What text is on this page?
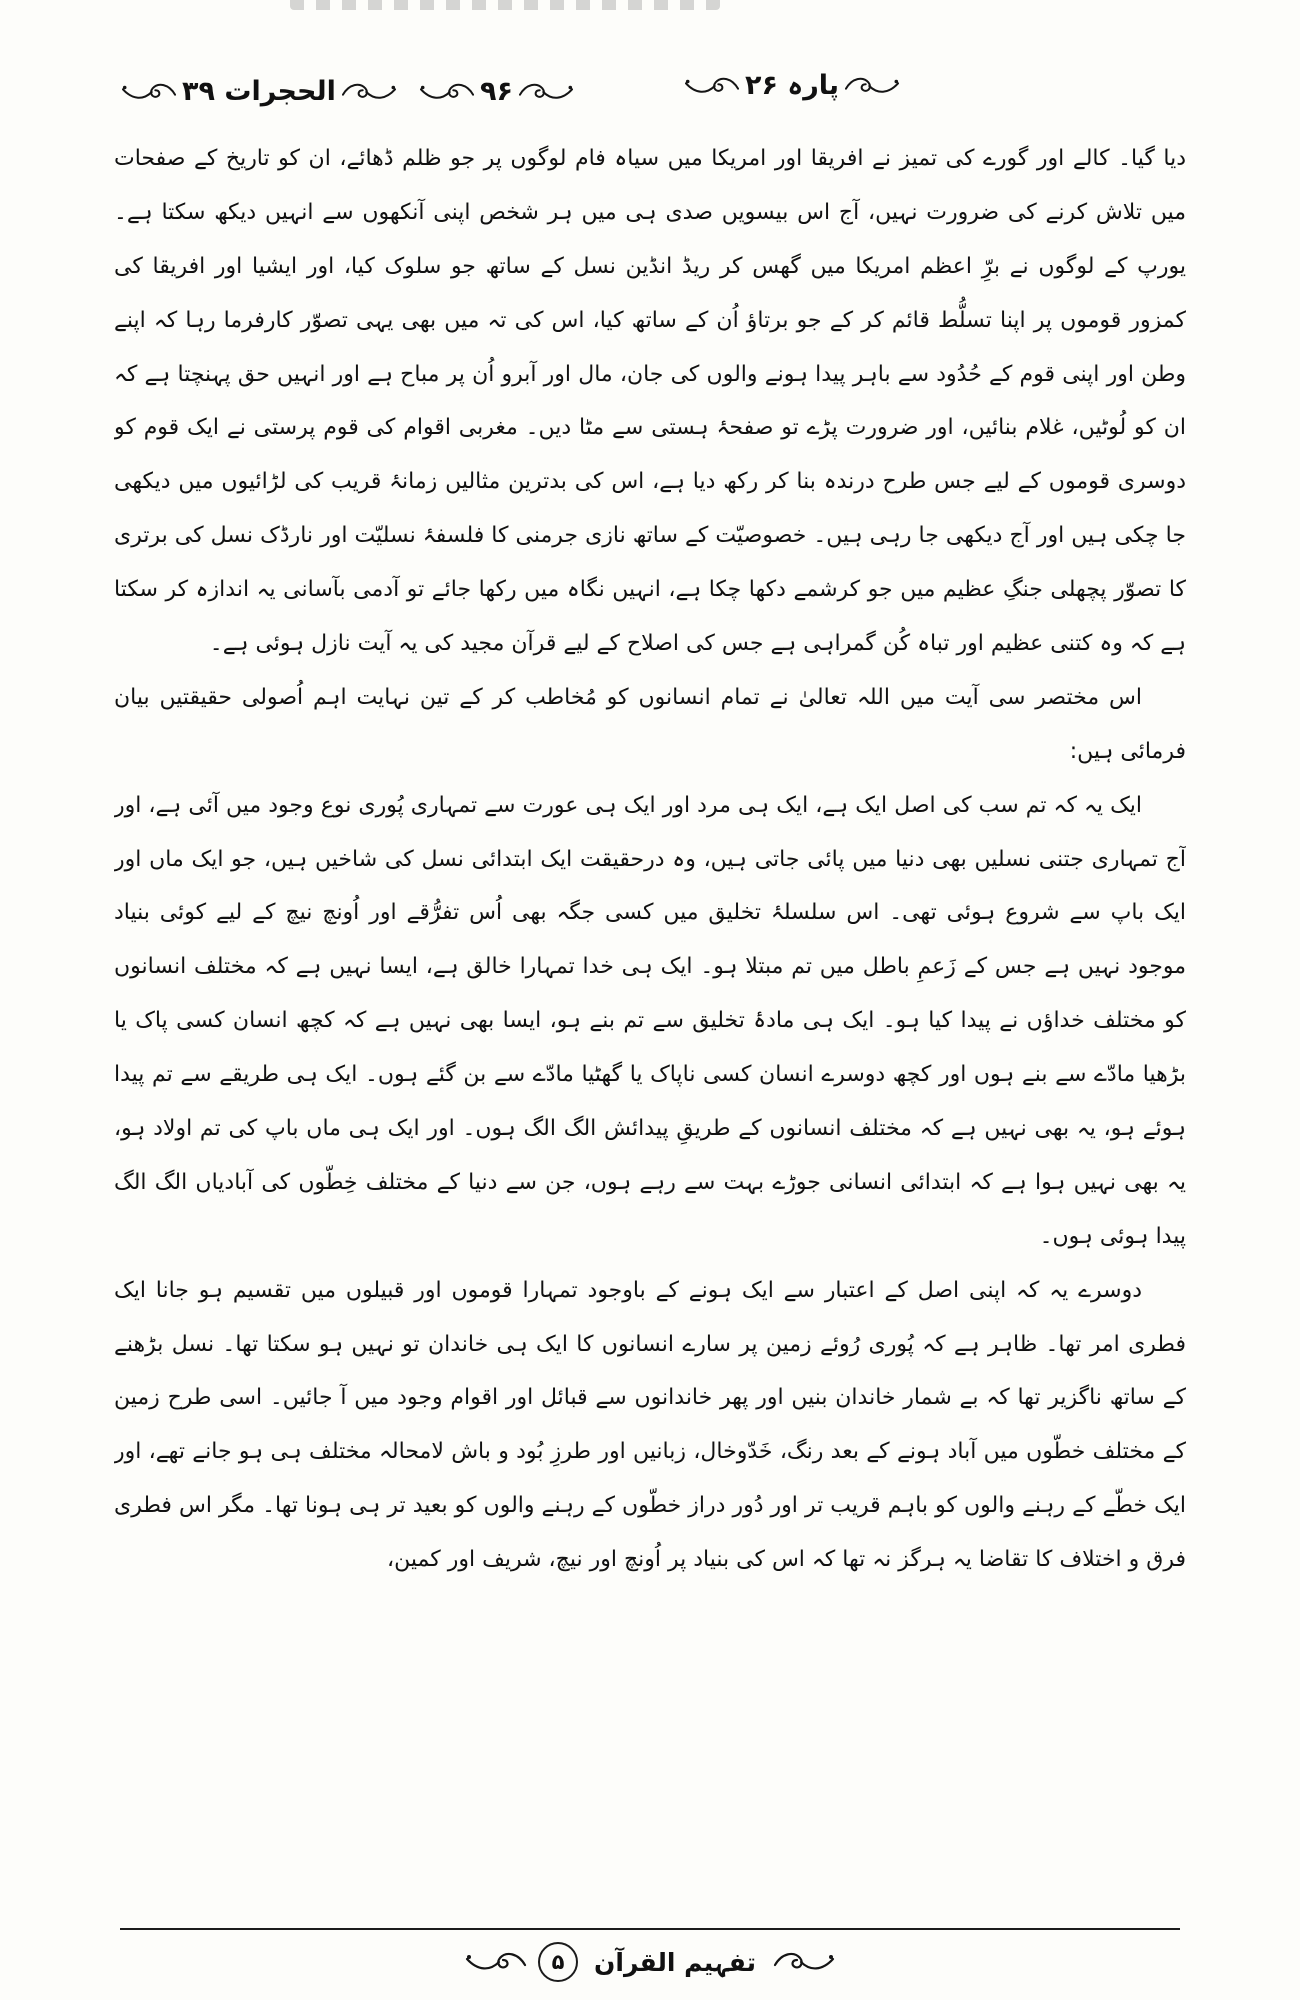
الحجرات ۳۹	۹۶	پارہ ۲۶

دیا گیا۔ کالے اور گورے کی تمیز نے افریقا اور امریکا میں سیاہ فام لوگوں پر جو ظلم ڈھائے، ان کو تاریخ کے صفحات میں تلاش کرنے کی ضرورت نہیں، آج اس بیسویں صدی ہی میں ہر شخص اپنی آنکھوں سے انہیں دیکھ سکتا ہے۔ یورپ کے لوگوں نے برِّ اعظم امریکا میں گھس کر ریڈ انڈین نسل کے ساتھ جو سلوک کیا، اور ایشیا اور افریقا کی کمزور قوموں پر اپنا تسلُّط قائم کر کے جو برتاؤ اُن کے ساتھ کیا، اس کی تہ میں بھی یہی تصوّر کارفرما رہا کہ اپنے وطن اور اپنی قوم کے حُدُود سے باہر پیدا ہونے والوں کی جان، مال اور آبرو اُن پر مباح ہے اور انہیں حق پہنچتا ہے کہ ان کو لُوٹیں، غلام بنائیں، اور ضرورت پڑے تو صفحۂ ہستی سے مٹا دیں۔ مغربی اقوام کی قوم پرستی نے ایک قوم کو دوسری قوموں کے لیے جس طرح درندہ بنا کر رکھ دیا ہے، اس کی بدترین مثالیں زمانۂ قریب کی لڑائیوں میں دیکھی جا چکی ہیں اور آج دیکھی جا رہی ہیں۔ خصوصیّت کے ساتھ نازی جرمنی کا فلسفۂ نسلیّت اور نارڈک نسل کی برتری کا تصوّر پچھلی جنگِ عظیم میں جو کرشمے دکھا چکا ہے، انہیں نگاہ میں رکھا جائے تو آدمی بآسانی یہ اندازہ کر سکتا ہے کہ وہ کتنی عظیم اور تباہ کُن گمراہی ہے جس کی اصلاح کے لیے قرآن مجید کی یہ آیت نازل ہوئی ہے۔

اس مختصر سی آیت میں اللہ تعالیٰ نے تمام انسانوں کو مُخاطب کر کے تین نہایت اہم اُصولی حقیقتیں بیان فرمائی ہیں:

ایک یہ کہ تم سب کی اصل ایک ہے، ایک ہی مرد اور ایک ہی عورت سے تمہاری پُوری نوع وجود میں آئی ہے، اور آج تمہاری جتنی نسلیں بھی دنیا میں پائی جاتی ہیں، وہ درحقیقت ایک ابتدائی نسل کی شاخیں ہیں، جو ایک ماں اور ایک باپ سے شروع ہوئی تھی۔ اس سلسلۂ تخلیق میں کسی جگہ بھی اُس تفرُّقے اور اُونچ نیچ کے لیے کوئی بنیاد موجود نہیں ہے جس کے زَعمِ باطل میں تم مبتلا ہو۔ ایک ہی خدا تمہارا خالق ہے، ایسا نہیں ہے کہ مختلف انسانوں کو مختلف خداؤں نے پیدا کیا ہو۔ ایک ہی مادۂ تخلیق سے تم بنے ہو، ایسا بھی نہیں ہے کہ کچھ انسان کسی پاک یا بڑھیا مادّے سے بنے ہوں اور کچھ دوسرے انسان کسی ناپاک یا گھٹیا مادّے سے بن گئے ہوں۔ ایک ہی طریقے سے تم پیدا ہوئے ہو، یہ بھی نہیں ہے کہ مختلف انسانوں کے طریقِ پیدائش الگ الگ ہوں۔ اور ایک ہی ماں باپ کی تم اولاد ہو، یہ بھی نہیں ہوا ہے کہ ابتدائی انسانی جوڑے بہت سے رہے ہوں، جن سے دنیا کے مختلف خِطّوں کی آبادیاں الگ الگ پیدا ہوئی ہوں۔

دوسرے یہ کہ اپنی اصل کے اعتبار سے ایک ہونے کے باوجود تمہارا قوموں اور قبیلوں میں تقسیم ہو جانا ایک فطری امر تھا۔ ظاہر ہے کہ پُوری رُوئے زمین پر سارے انسانوں کا ایک ہی خاندان تو نہیں ہو سکتا تھا۔ نسل بڑھنے کے ساتھ ناگزیر تھا کہ بے شمار خاندان بنیں اور پھر خاندانوں سے قبائل اور اقوام وجود میں آ جائیں۔ اسی طرح زمین کے مختلف خطّوں میں آباد ہونے کے بعد رنگ، خَدّوخال، زبانیں اور طرزِ بُود و باش لامحالہ مختلف ہی ہو جانے تھے، اور ایک خطّے کے رہنے والوں کو باہم قریب تر اور دُور دراز خطّوں کے رہنے والوں کو بعید تر ہی ہونا تھا۔ مگر اس فطری فرق و اختلاف کا تقاضا یہ ہرگز نہ تھا کہ اس کی بنیاد پر اُونچ اور نیچ، شریف اور کمین،

تفہیم القرآن
۵
